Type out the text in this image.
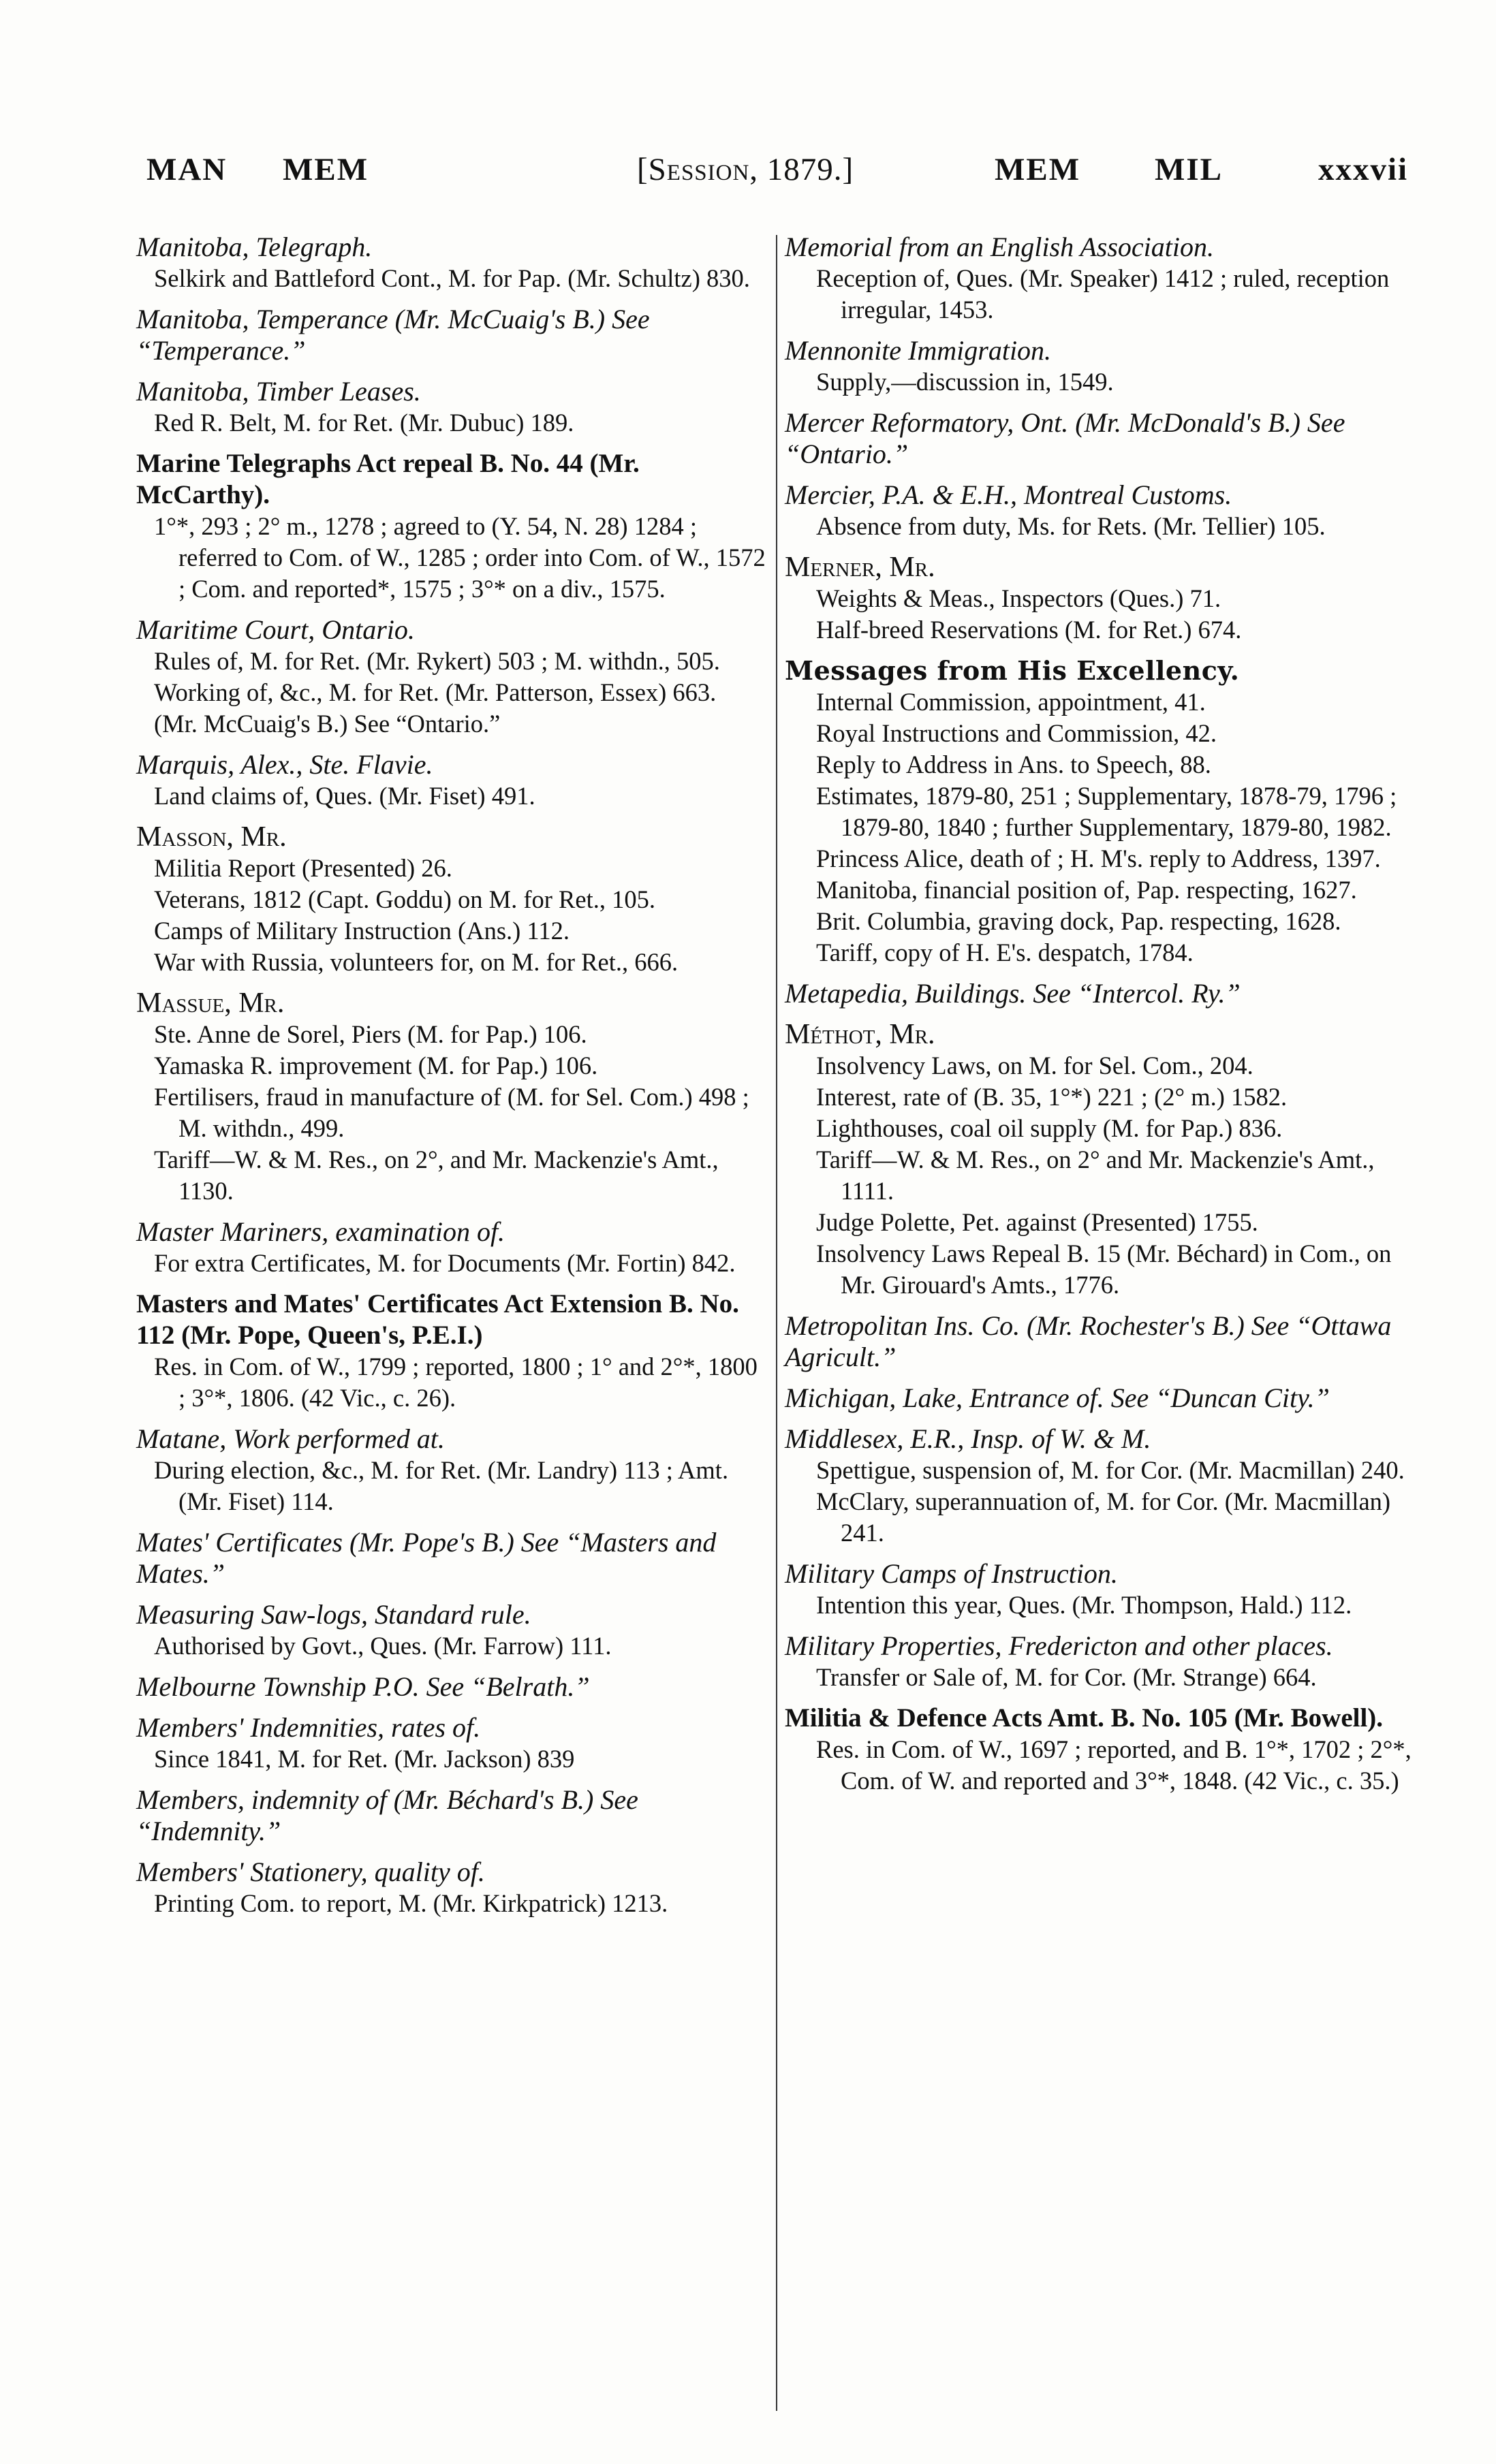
MAN MEM	[Session, 1879.]	MEM MIL	xxxvii
Manitoba, Telegraph.
Selkirk and Battleford Cont., M. for Pap. (Mr. Schultz) 830.
Manitoba, Temperance (Mr. McCuaig's B.) See “Temperance.”
Manitoba, Timber Leases.
Red R. Belt, M. for Ret. (Mr. Dubuc) 189.
Marine Telegraphs Act repeal B. No. 44 (Mr. McCarthy).
1°*, 293 ; 2° m., 1278 ; agreed to (Y. 54, N. 28) 1284 ; referred to Com. of W., 1285 ; order into Com. of W., 1572 ; Com. and reported*, 1575 ; 3°* on a div., 1575.
Maritime Court, Ontario.
Rules of, M. for Ret. (Mr. Rykert) 503 ; M. withdn., 505.
Working of, &c., M. for Ret. (Mr. Patterson, Essex) 663.
(Mr. McCuaig's B.) See “Ontario.”
Marquis, Alex., Ste. Flavie.
Land claims of, Ques. (Mr. Fiset) 491.
Masson, Mr.
Militia Report (Presented) 26.
Veterans, 1812 (Capt. Goddu) on M. for Ret., 105.
Camps of Military Instruction (Ans.) 112.
War with Russia, volunteers for, on M. for Ret., 666.
Massue, Mr.
Ste. Anne de Sorel, Piers (M. for Pap.) 106.
Yamaska R. improvement (M. for Pap.) 106.
Fertilisers, fraud in manufacture of (M. for Sel. Com.) 498 ; M. withdn., 499.
Tariff—W. & M. Res., on 2°, and Mr. Mackenzie's Amt., 1130.
Master Mariners, examination of.
For extra Certificates, M. for Documents (Mr. Fortin) 842.
Masters and Mates' Certificates Act Extension B. No. 112 (Mr. Pope, Queen's, P.E.I.)
Res. in Com. of W., 1799 ; reported, 1800 ; 1° and 2°*, 1800 ; 3°*, 1806. (42 Vic., c. 26).
Matane, Work performed at.
During election, &c., M. for Ret. (Mr. Landry) 113 ; Amt. (Mr. Fiset) 114.
Mates' Certificates (Mr. Pope's B.) See “Masters and Mates.”
Measuring Saw-logs, Standard rule.
Authorised by Govt., Ques. (Mr. Farrow) 111.
Melbourne Township P.O. See “Belrath.”
Members' Indemnities, rates of.
Since 1841, M. for Ret. (Mr. Jackson) 839
Members, indemnity of (Mr. Béchard's B.) See “Indemnity.”
Members' Stationery, quality of.
Printing Com. to report, M. (Mr. Kirkpatrick) 1213.
Memorial from an English Association.
Reception of, Ques. (Mr. Speaker) 1412 ; ruled, reception irregular, 1453.
Mennonite Immigration.
Supply,—discussion in, 1549.
Mercer Reformatory, Ont. (Mr. McDonald's B.) See “Ontario.”
Mercier, P.A. & E.H., Montreal Customs.
Absence from duty, Ms. for Rets. (Mr. Tellier) 105.
Merner, Mr.
Weights & Meas., Inspectors (Ques.) 71.
Half-breed Reservations (M. for Ret.) 674.
Messages from His Excellency.
Internal Commission, appointment, 41.
Royal Instructions and Commission, 42.
Reply to Address in Ans. to Speech, 88.
Estimates, 1879-80, 251 ; Supplementary, 1878-79, 1796 ; 1879-80, 1840 ; further Supplementary, 1879-80, 1982.
Princess Alice, death of ; H. M's. reply to Address, 1397.
Manitoba, financial position of, Pap. respecting, 1627.
Brit. Columbia, graving dock, Pap. respecting, 1628.
Tariff, copy of H. E's. despatch, 1784.
Metapedia, Buildings. See “Intercol. Ry.”
Méthot, Mr.
Insolvency Laws, on M. for Sel. Com., 204.
Interest, rate of (B. 35, 1°*) 221 ; (2° m.) 1582.
Lighthouses, coal oil supply (M. for Pap.) 836.
Tariff—W. & M. Res., on 2° and Mr. Mackenzie's Amt., 1111.
Judge Polette, Pet. against (Presented) 1755.
Insolvency Laws Repeal B. 15 (Mr. Béchard) in Com., on Mr. Girouard's Amts., 1776.
Metropolitan Ins. Co. (Mr. Rochester's B.) See “Ottawa Agricult.”
Michigan, Lake, Entrance of. See “Duncan City.”
Middlesex, E.R., Insp. of W. & M.
Spettigue, suspension of, M. for Cor. (Mr. Macmillan) 240.
McClary, superannuation of, M. for Cor. (Mr. Macmillan) 241.
Military Camps of Instruction.
Intention this year, Ques. (Mr. Thompson, Hald.) 112.
Military Properties, Fredericton and other places.
Transfer or Sale of, M. for Cor. (Mr. Strange) 664.
Militia & Defence Acts Amt. B. No. 105 (Mr. Bowell).
Res. in Com. of W., 1697 ; reported, and B. 1°*, 1702 ; 2°*, Com. of W. and reported and 3°*, 1848. (42 Vic., c. 35.)
